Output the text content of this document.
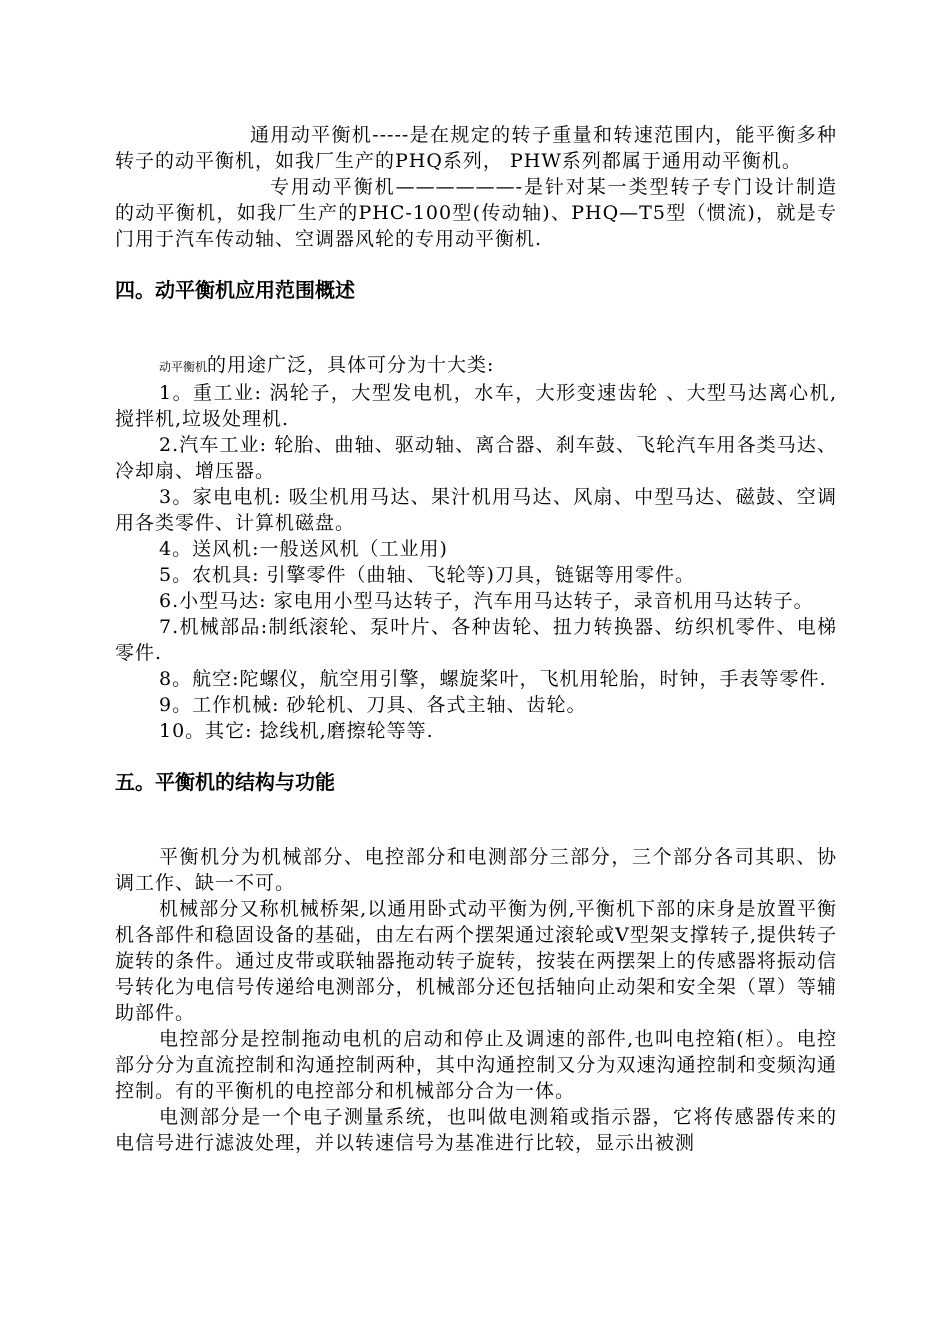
通用动平衡机-----是在规定的转子重量和转速范围内，能平衡多种转子的动平衡机，如我厂生产的PHQ系列， PHW系列都属于通用动平衡机。

专用动平衡机——————-是针对某一类型转子专门设计制造的动平衡机，如我厂生产的PHC-100型(传动轴)、PHQ—T5型（惯流)，就是专门用于汽车传动轴、空调器风轮的专用动平衡机.

四。动平衡机应用范围概述

动平衡机的用途广泛，具体可分为十大类:

1。重工业: 涡轮子，大型发电机，水车，大形变速齿轮 、大型马达离心机,搅拌机,垃圾处理机.

2.汽车工业: 轮胎、曲轴、驱动轴、离合器、刹车鼓、飞轮汽车用各类马达、冷却扇、增压器。

3。家电电机: 吸尘机用马达、果汁机用马达、风扇、中型马达、磁鼓、空调用各类零件、计算机磁盘。

4。送风机:一般送风机（工业用)

5。农机具: 引擎零件（曲轴、飞轮等)刀具，链锯等用零件。

6.小型马达: 家电用小型马达转子，汽车用马达转子，录音机用马达转子。

7.机械部品:制纸滚轮、泵叶片、各种齿轮、扭力转换器、纺织机零件、电梯零件.

8。航空:陀螺仪，航空用引擎，螺旋桨叶，飞机用轮胎，时钟，手表等零件.

9。工作机械: 砂轮机、刀具、各式主轴、齿轮。

10。其它: 捻线机,磨擦轮等等.

五。平衡机的结构与功能

平衡机分为机械部分、电控部分和电测部分三部分，三个部分各司其职、协调工作、缺一不可。

机械部分又称机械桥架,以通用卧式动平衡为例,平衡机下部的床身是放置平衡机各部件和稳固设备的基础，由左右两个摆架通过滚轮或V型架支撑转子,提供转子旋转的条件。通过皮带或联轴器拖动转子旋转，按装在两摆架上的传感器将振动信号转化为电信号传递给电测部分，机械部分还包括轴向止动架和安全架（罩）等辅助部件。

电控部分是控制拖动电机的启动和停止及调速的部件,也叫电控箱(柜）。电控部分分为直流控制和沟通控制两种，其中沟通控制又分为双速沟通控制和变频沟通控制。有的平衡机的电控部分和机械部分合为一体。

电测部分是一个电子测量系统，也叫做电测箱或指示器，它将传感器传来的电信号进行滤波处理，并以转速信号为基准进行比较，显示出被测
